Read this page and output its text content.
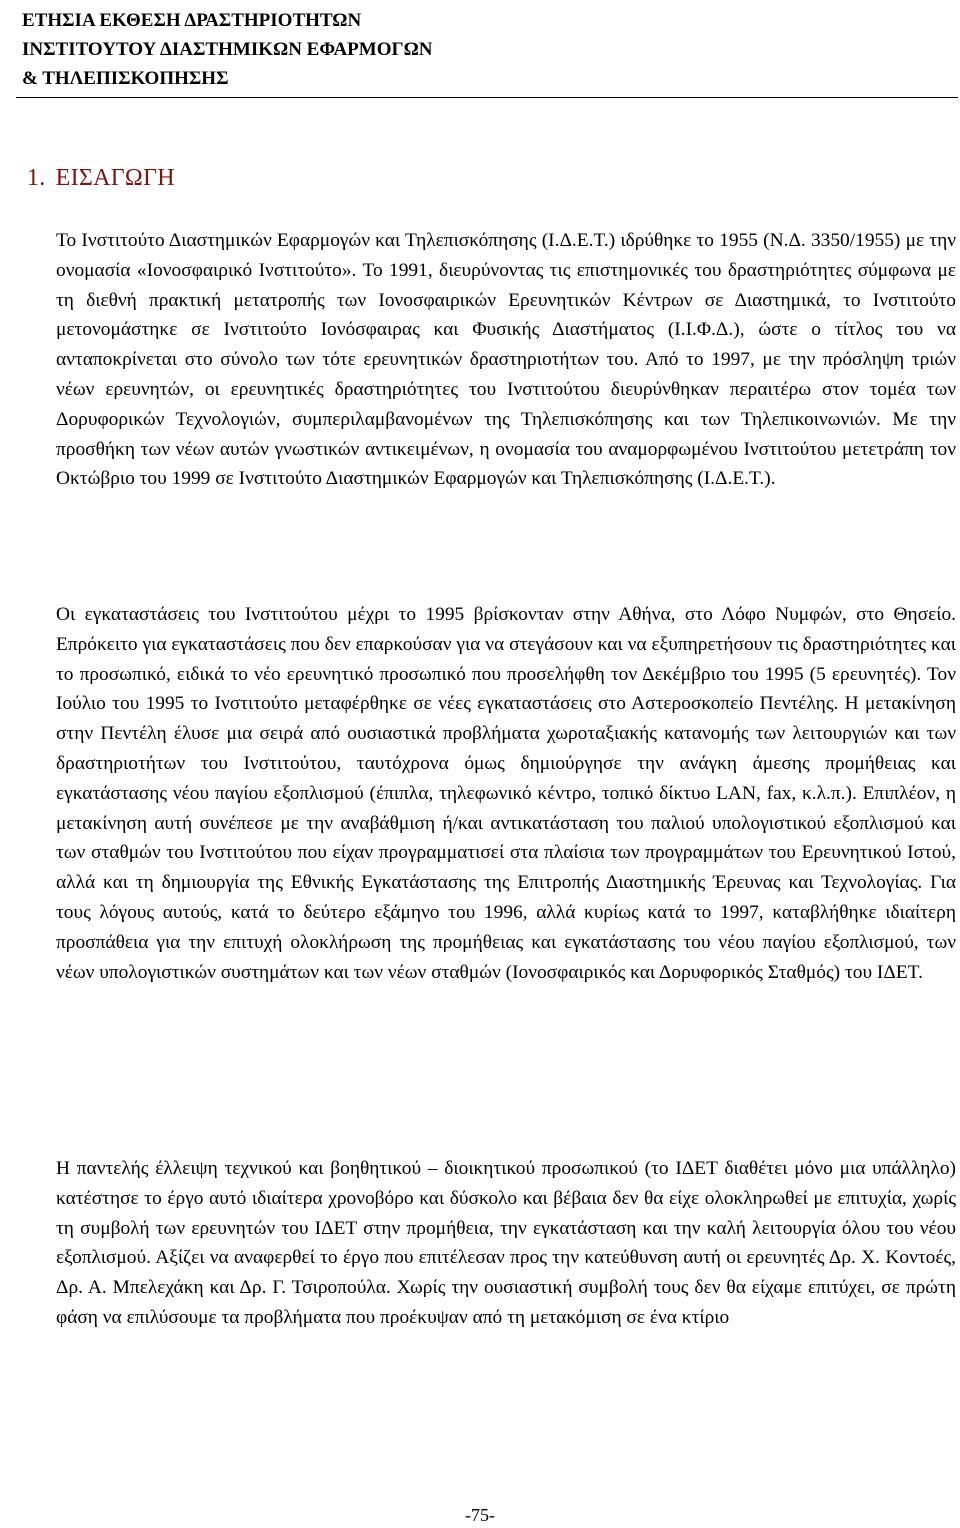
ΕΤΗΣΙΑ ΕΚΘΕΣΗ ΔΡΑΣΤΗΡΙΟΤΗΤΩΝ
ΙΝΣΤΙΤΟΥΤΟΥ ΔΙΑΣΤΗΜΙΚΩΝ ΕΦΑΡΜΟΓΩΝ
& ΤΗΛΕΠΙΣΚΟΠΗΣΗΣ
1. ΕΙΣΑΓΩΓΗ

Το Ινστιτούτο Διαστημικών Εφαρμογών και Τηλεπισκόπησης (Ι.Δ.Ε.Τ.) ιδρύθηκε το 1955 (Ν.Δ. 3350/1955) με την ονομασία «Ιονοσφαιρικό Ινστιτούτο». Το 1991, διευρύνοντας τις επιστημονικές του δραστηριότητες σύμφωνα με τη διεθνή πρακτική μετατροπής των Ιονοσφαιρικών Ερευνητικών Κέντρων σε Διαστημικά, το Ινστιτούτο μετονομάστηκε σε Ινστιτούτο Ιονόσφαιρας και Φυσικής Διαστήματος (Ι.Ι.Φ.Δ.), ώστε ο τίτλος του να ανταποκρίνεται στο σύνολο των τότε ερευνητικών δραστηριοτήτων του. Από το 1997, με την πρόσληψη τριών νέων ερευνητών, οι ερευνητικές δραστηριότητες του Ινστιτούτου διευρύνθηκαν περαιτέρω στον τομέα των Δορυφορικών Τεχνολογιών, συμπεριλαμβανομένων της Τηλεπισκόπησης και των Τηλεπικοινωνιών. Με την προσθήκη των νέων αυτών γνωστικών αντικειμένων, η ονομασία του αναμορφωμένου Ινστιτούτου μετετράπη τον Οκτώβριο του 1999 σε Ινστιτούτο Διαστημικών Εφαρμογών και Τηλεπισκόπησης (Ι.Δ.Ε.Τ.).

Οι εγκαταστάσεις του Ινστιτούτου μέχρι το 1995 βρίσκονταν στην Αθήνα, στο Λόφο Νυμφών, στο Θησείο. Επρόκειτο για εγκαταστάσεις που δεν επαρκούσαν για να στεγάσουν και να εξυπηρετήσουν τις δραστηριότητες και το προσωπικό, ειδικά το νέο ερευνητικό προσωπικό που προσελήφθη τον Δεκέμβριο του 1995 (5 ερευνητές). Τον Ιούλιο του 1995 το Ινστιτούτο μεταφέρθηκε σε νέες εγκαταστάσεις στο Αστεροσκοπείο Πεντέλης. Η μετακίνηση στην Πεντέλη έλυσε μια σειρά από ουσιαστικά προβλήματα χωροταξιακής κατανομής των λειτουργιών και των δραστηριοτήτων του Ινστιτούτου, ταυτόχρονα όμως δημιούργησε την ανάγκη άμεσης προμήθειας και εγκατάστασης νέου παγίου εξοπλισμού (έπιπλα, τηλεφωνικό κέντρο, τοπικό δίκτυο LAN, fax, κ.λ.π.). Επιπλέον, η μετακίνηση αυτή συνέπεσε με την αναβάθμιση ή/και αντικατάσταση του παλιού υπολογιστικού εξοπλισμού και των σταθμών του Ινστιτούτου που είχαν προγραμματισεί στα πλαίσια των προγραμμάτων του Ερευνητικού Ιστού, αλλά και τη δημιουργία της Εθνικής Εγκατάστασης της Επιτροπής Διαστημικής Έρευνας και Τεχνολογίας. Για τους λόγους αυτούς, κατά το δεύτερο εξάμηνο του 1996, αλλά κυρίως κατά το 1997, καταβλήθηκε ιδιαίτερη προσπάθεια για την επιτυχή ολοκλήρωση της προμήθειας και εγκατάστασης του νέου παγίου εξοπλισμού, των νέων υπολογιστικών συστημάτων και των νέων σταθμών (Ιονοσφαιρικός και Δορυφορικός Σταθμός) του ΙΔΕΤ.

Η παντελής έλλειψη τεχνικού και βοηθητικού – διοικητικού προσωπικού (το ΙΔΕΤ διαθέτει μόνο μια υπάλληλο) κατέστησε το έργο αυτό ιδιαίτερα χρονοβόρο και δύσκολο και βέβαια δεν θα είχε ολοκληρωθεί με επιτυχία, χωρίς τη συμβολή των ερευνητών του ΙΔΕΤ στην προμήθεια, την εγκατάσταση και την καλή λειτουργία όλου του νέου εξοπλισμού. Αξίζει να αναφερθεί το έργο που επιτέλεσαν προς την κατεύθυνση αυτή οι ερευνητές Δρ. Χ. Κοντοές, Δρ. Α. Μπελεχάκη και Δρ. Γ. Τσιροπούλα. Χωρίς την ουσιαστική συμβολή τους δεν θα είχαμε επιτύχει, σε πρώτη φάση να επιλύσουμε τα προβλήματα που προέκυψαν από τη μετακόμιση σε ένα κτίριο

-75-
